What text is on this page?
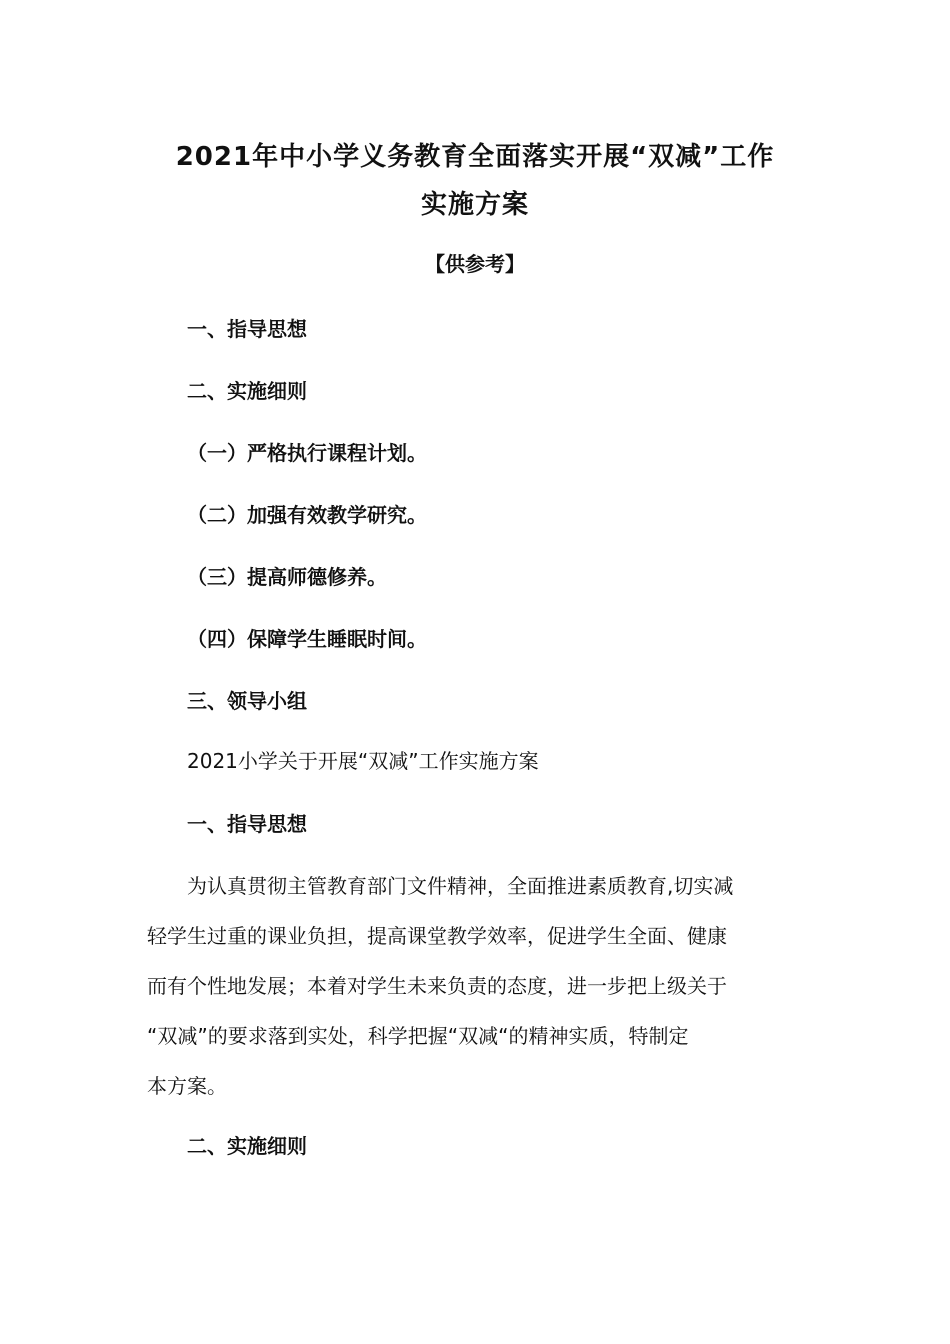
2021年中小学义务教育全面落实开展“双减”工作
实施方案
【供参考】
一、指导思想
二、实施细则
（一）严格执行课程计划。
（二）加强有效教学研究。
（三）提高师德修养。
（四）保障学生睡眠时间。
三、领导小组
2021小学关于开展“双减”工作实施方案
一、指导思想
为认真贯彻主管教育部门文件精神，全面推进素质教育,切实减
轻学生过重的课业负担，提高课堂教学效率，促进学生全面、健康
而有个性地发展；本着对学生未来负责的态度，进一步把上级关于
“双减”的要求落到实处，科学把握“双减“的精神实质，特制定
本方案。
二、实施细则
